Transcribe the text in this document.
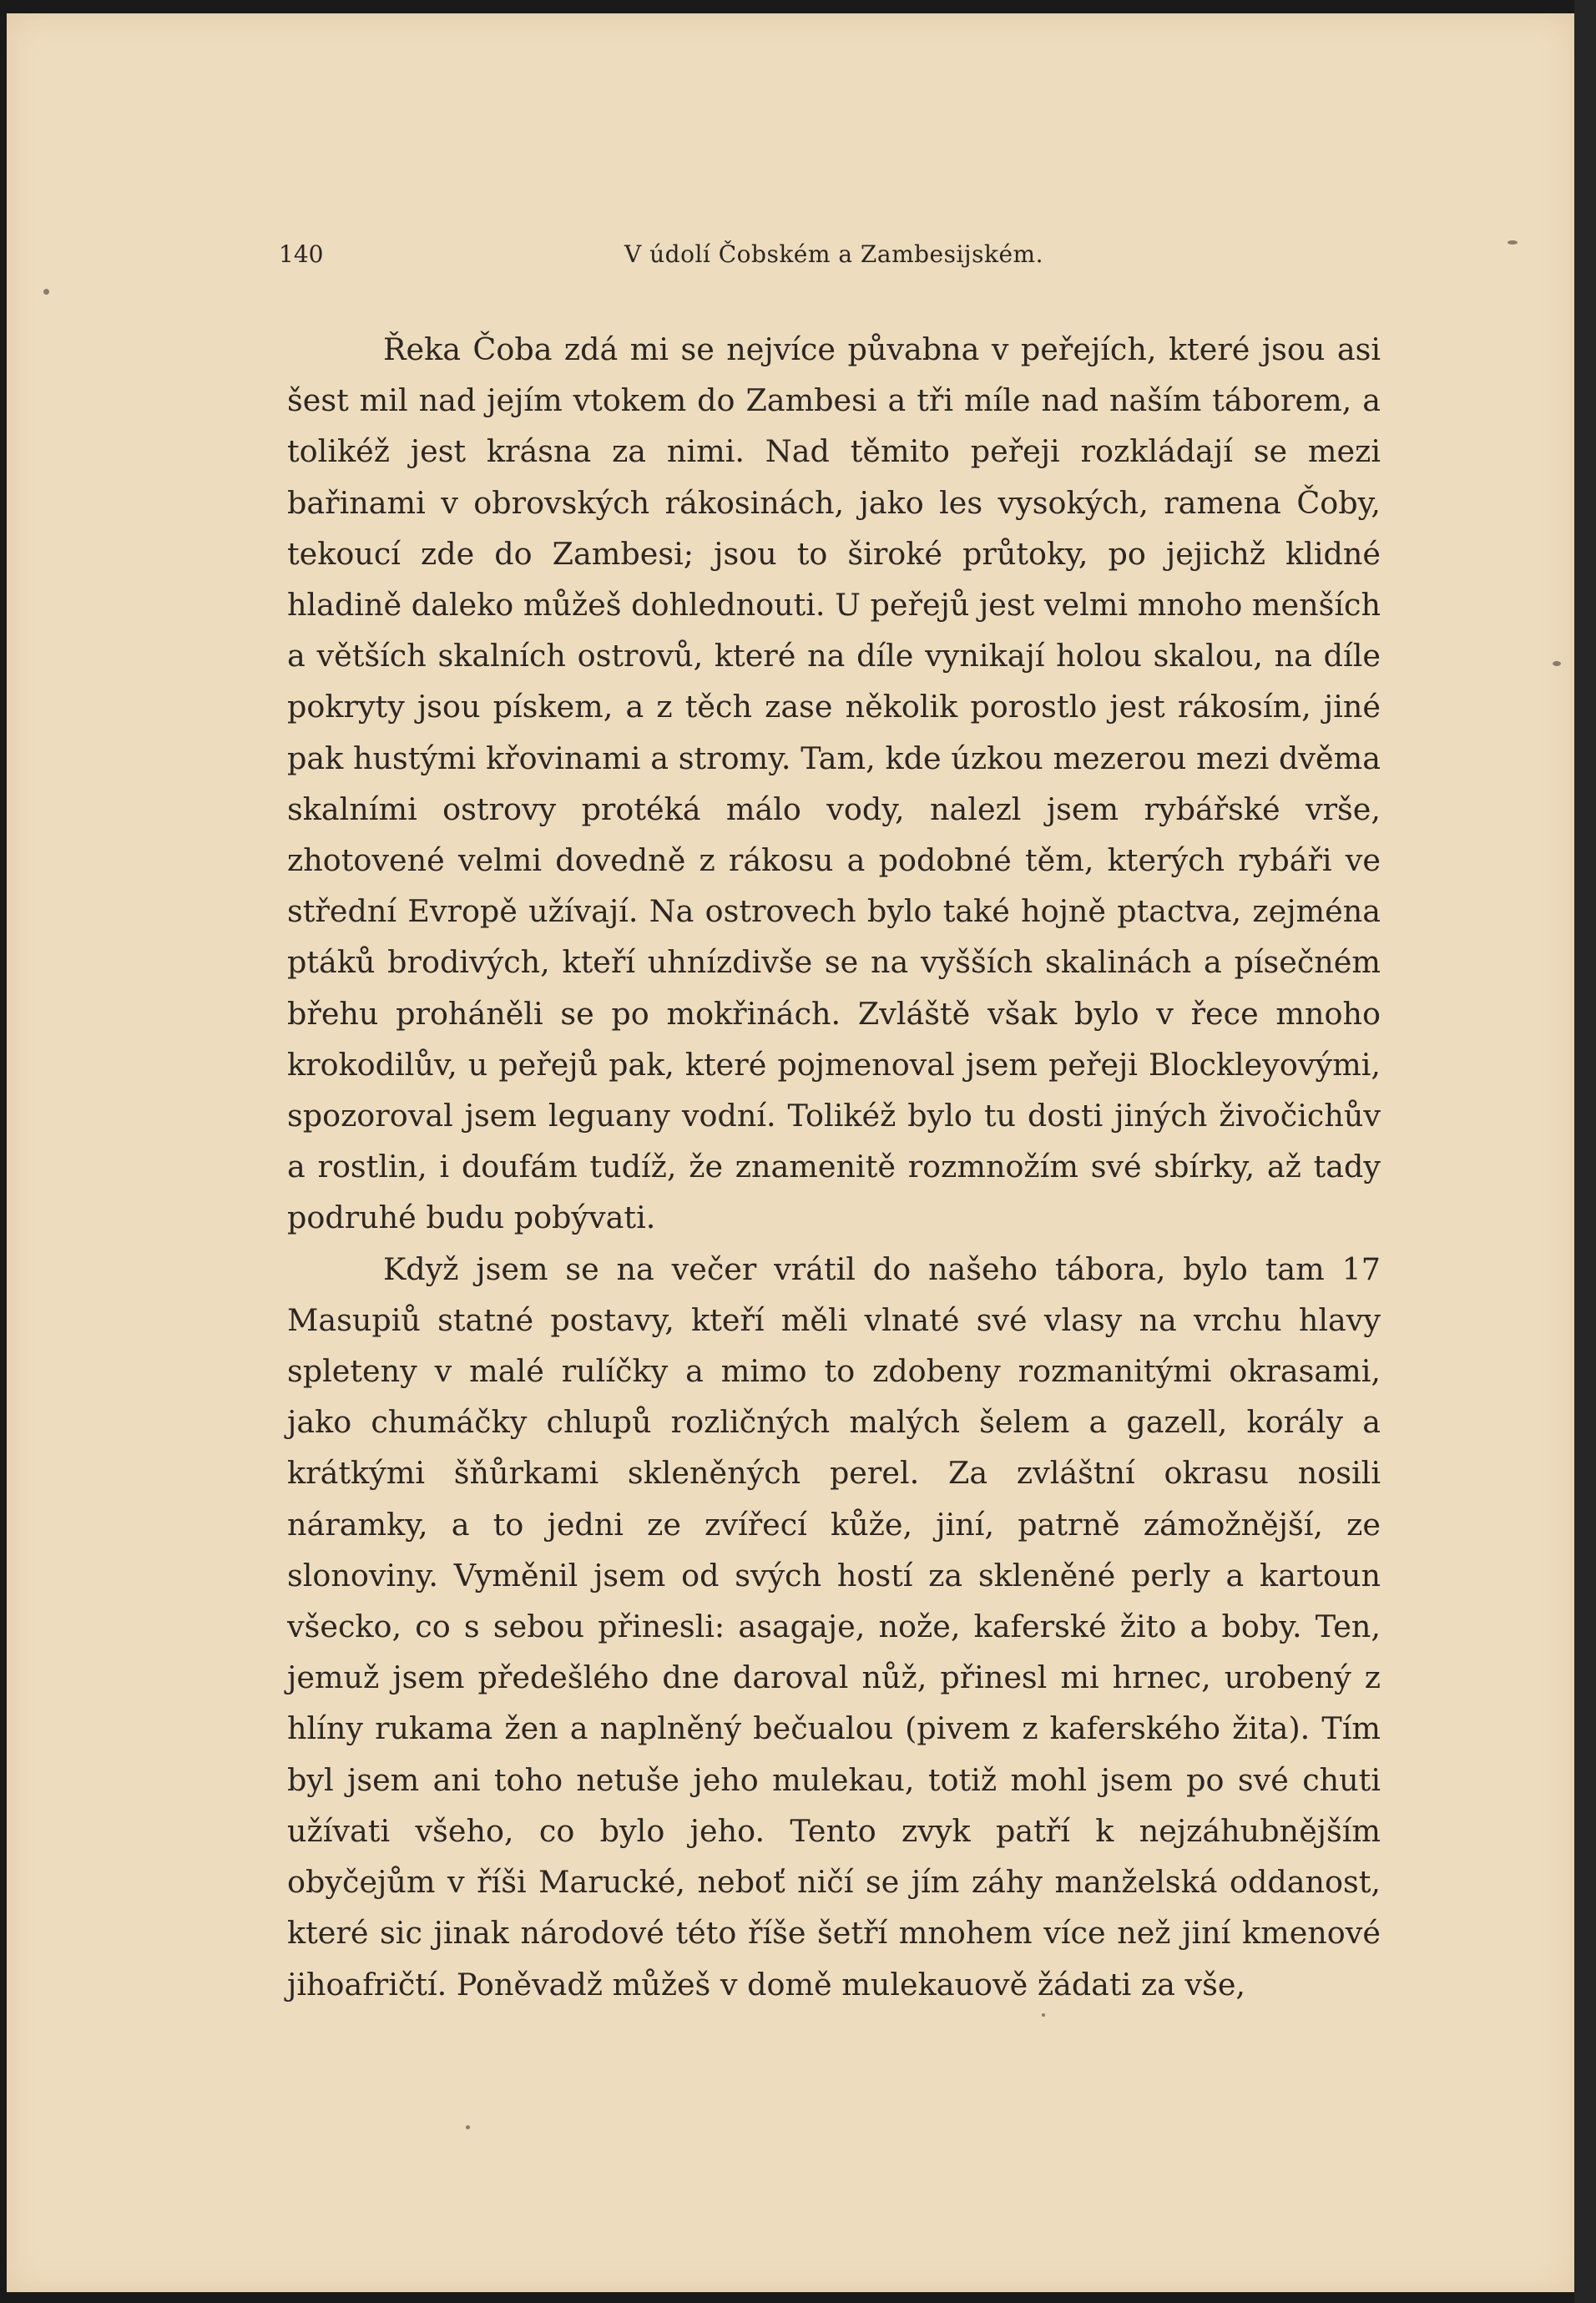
140	V údolí Čobském a Zambesijském.

Řeka Čoba zdá mi se nejvíce půvabna v peřejích, které jsou asi šest mil nad jejím vtokem do Zambesi a tři míle nad naším táborem, a tolikéž jest krásna za nimi. Nad těmito peřeji rozkládají se mezi bařinami v obrovských rákosinách, jako les vysokých, ramena Čoby, tekoucí zde do Zambesi; jsou to široké průtoky, po jejichž klidné hladině daleko můžeš dohlednouti. U peřejů jest velmi mnoho menších a větších skalních ostrovů, které na díle vynikají holou skalou, na díle pokryty jsou pískem, a z těch zase několik porostlo jest rákosím, jiné pak hustými křovinami a stromy. Tam, kde úzkou mezerou mezi dvěma skalními ostrovy protéká málo vody, nalezl jsem rybářské vrše, zhotovené velmi dovedně z rákosu a podobné těm, kterých rybáři ve střední Evropě užívají. Na ostrovech bylo také hojně ptactva, zejména ptáků brodivých, kteří uhnízdivše se na vyšších skalinách a písečném břehu proháněli se po mokřinách. Zvláště však bylo v řece mnoho krokodilův, u peřejů pak, které pojmenoval jsem peřeji Blockleyovými, spozoroval jsem leguany vodní. Tolikéž bylo tu dosti jiných živočichův a rostlin, i doufám tudíž, že znamenitě rozmnožím své sbírky, až tady podruhé budu pobývati.

Když jsem se na večer vrátil do našeho tábora, bylo tam 17 Masupiů statné postavy, kteří měli vlnaté své vlasy na vrchu hlavy spleteny v malé rulíčky a mimo to zdobeny rozmanitými okrasami, jako chumáčky chlupů rozličných malých šelem a gazell, korály a krátkými šňůrkami skleněných perel. Za zvláštní okrasu nosili náramky, a to jedni ze zvířecí kůže, jiní, patrně zámožnější, ze slonoviny. Vyměnil jsem od svých hostí za skleněné perly a kartoun všecko, co s sebou přinesli: asagaje, nože, kaferské žito a boby. Ten, jemuž jsem předešlého dne daroval nůž, přinesl mi hrnec, urobený z hlíny rukama žen a naplněný bečualou (pivem z kaferského žita). Tím byl jsem ani toho netuše jeho mulekau, totiž mohl jsem po své chuti užívati všeho, co bylo jeho. Tento zvyk patří k nejzáhubnějším obyčejům v říši Marucké, neboť ničí se jím záhy manželská oddanost, které sic jinak národové této říše šetří mnohem více než jiní kmenové jihoafričtí. Poněvadž můžeš v domě mulekauově žádati za vše,
